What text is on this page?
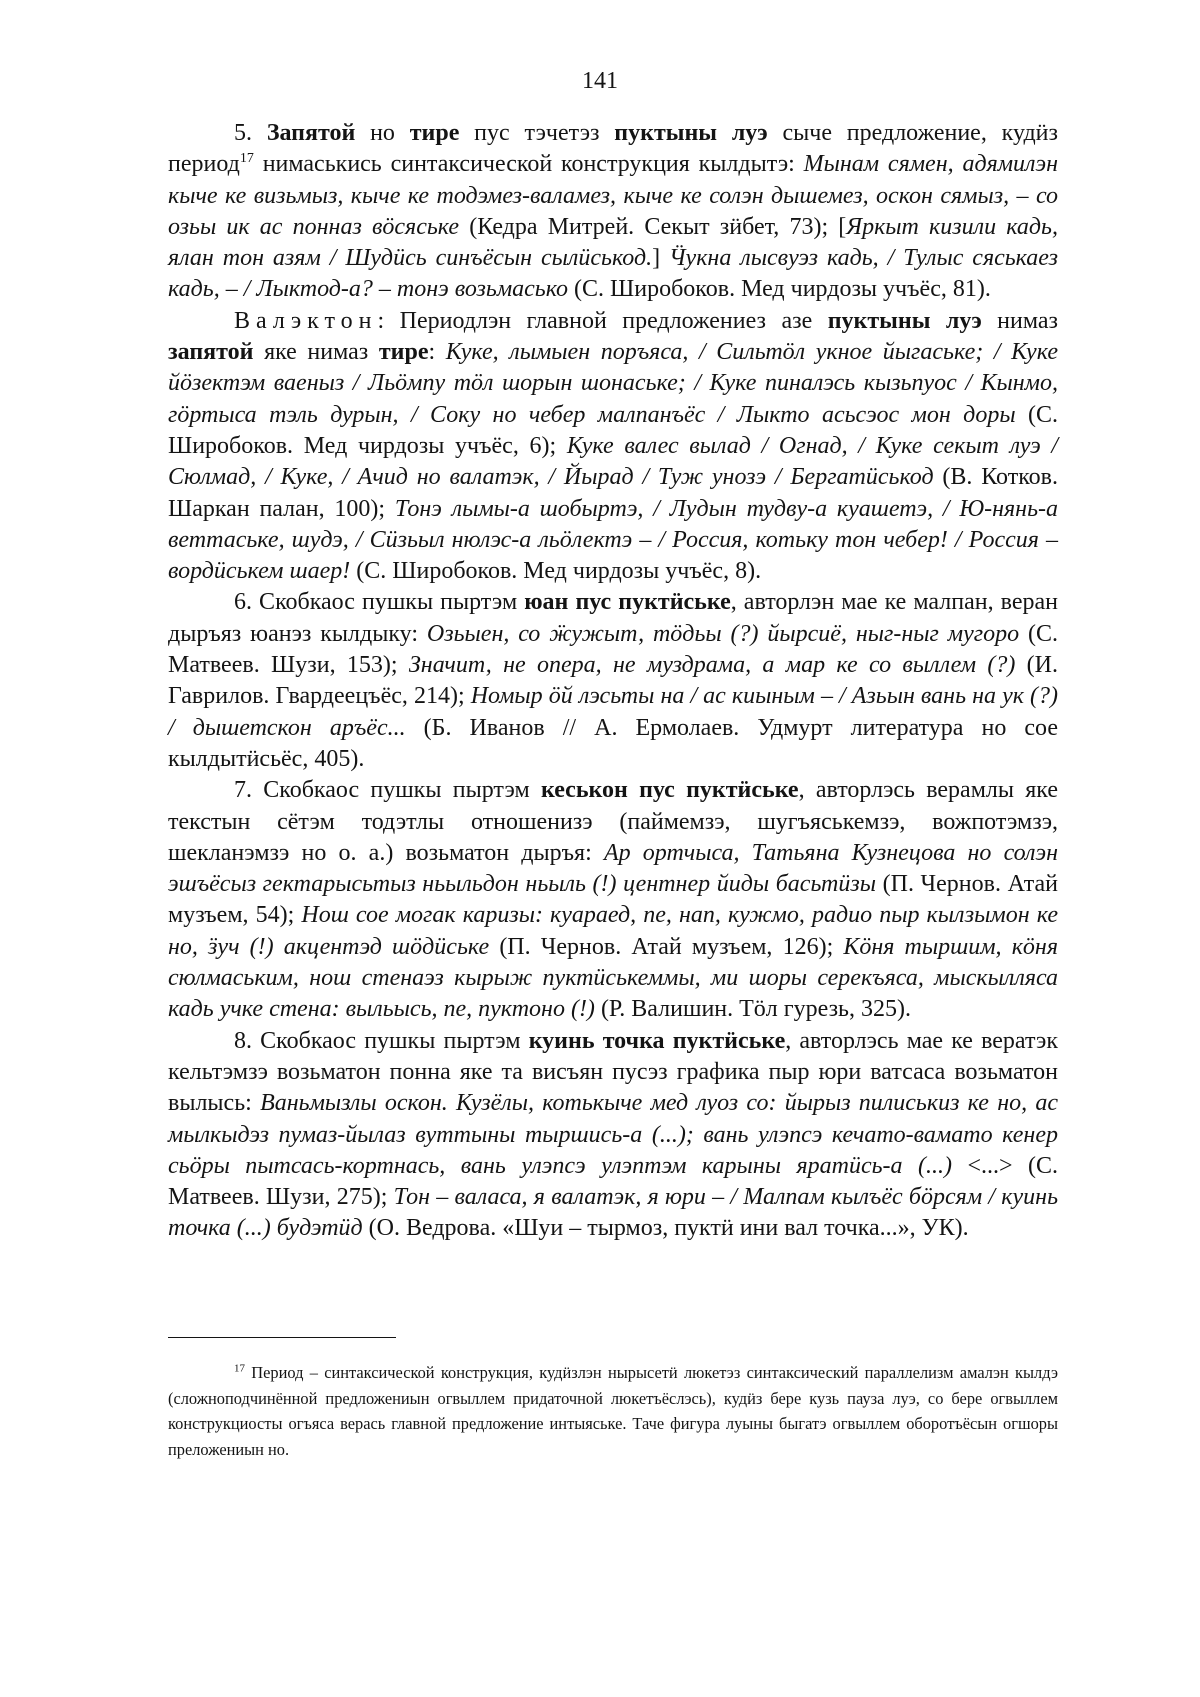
141

5. Запятой но тире пус тэчетэз пуктыны луэ сыче предложение, кудӥз период$^{17}$ нимаськись синтаксической конструкция кылдытэ: Мынам сямен, адямилэн кыче ке визьмыз, кыче ке тодэмез-валамез, кыче ке солэн дышемез, оскон сямыз, – со озьы ик ас понназ вӧсяське (Кедра Митрей. Секыт зӥбет, 73); [Яркыт кизили кадь, ялан тон азям / Шудӥсь синъёсын сылӥськод.] Ӵукна лысвуэз кадь, / Тулыс сяськаез кадь, – / Лыктод-а? – тонэ возьмасько (С. Широбоков. Мед чирдозы учъёс, 81).

Валэктон: Периодлэн главной предложениез азе пуктыны луэ нимаз запятой яке нимаз тире: Куке, лымыен поръяса, / Сильтӧл укное йыгаське; / Куке йӧзектэм ваеныз / Льӧмпу тӧл шорын шонаське; / Куке пиналэсь кызьпуос / Кынмо, гӧртыса тэль дурын, / Соку но чебер малпанъёс / Лыкто асьсэос мон доры (С. Широбоков. Мед чирдозы учъёс, 6); Куке валес вылад / Огнад, / Куке секыт луэ / Сюлмад, / Куке, / Ачид но валатэк, / Йырад / Туж унозэ / Бергатӥськод (В. Котков. Шаркан палан, 100); Тонэ лымы-а шобыртэ, / Лудын тудву-а куашетэ, / Ю-нянь-а веттаське, шудэ, / Сӥзьыл нюлэс-а льӧлектэ – / Россия, котьку тон чебер! / Россия – вордӥськем шаер! (С. Широбоков. Мед чирдозы учъёс, 8).

6. Скобкаос пушкы пыртэм юан пус пуктӥське, авторлэн мае ке малпан, веран дыръяз юанэз кылдыку: Озьыен, со ӝужыт, тӧдьы (?) йырсиё, ныг-ныг мугоро (С. Матвеев. Шузи, 153); Значит, не опера, не муздрама, а мар ке со выллем (?) (И. Гаврилов. Гвардеецъёс, 214); Номыр ӧй лэсьты на / ас киыным – / Азьын вань на ук (?) / дышетскон аръёс... (Б. Иванов // А. Ермолаев. Удмурт литература но сое кылдытӥсьёс, 405).

7. Скобкаос пушкы пыртэм кеськон пус пуктӥське, авторлэсь верамлы яке текстын сётэм тодэтлы отношенизэ (паймемзэ, шугъяськемзэ, вожпотэмзэ, шекланэмзэ но о. а.) возьматон дыръя: Ар ортчыса, Татьяна Кузнецова но солэн эшъёсыз гектарысьтыз ньыльдон ньыль (!) центнер йиды басьтӥзы (П. Чернов. Атай музъем, 54); Нош сое могак каризы: куараед, пе, нап, кужмо, радио пыр кылзымон ке но, ӟуч (!) акцентэд шӧдӥське (П. Чернов. Атай музъем, 126); Кӧня тыршим, кӧня сюлмаським, нош стенаэз кырыж пуктӥськеммы, ми шоры серекъяса, мыскылляса кадь учке стена: выльысь, пе, пуктоно (!) (Р. Валишин. Тӧл гурезь, 325).

8. Скобкаос пушкы пыртэм куинь точка пуктӥське, авторлэсь мае ке вератэк кельтэмзэ возьматон понна яке та висъян пусэз графика пыр юри ватсаса возьматон вылысь: Ваньмызлы оскон. Кузёлы, котькыче мед луоз со: йырыз пилиськиз ке но, ас мылкыдэз пумаз-йылаз вуттыны тыршись-а (...); вань улэпсэ кечато-вамато кенер сьӧры пытсась-кортнась, вань улэпсэ улэптэм карыны яратӥсь-а (...) <...> (С. Матвеев. Шузи, 275); Тон – валаса, я валатэк, я юри – / Малпам кылъёс бӧрсям / куинь точка (...) будэтӥд (О. Ведрова. «Шуи – тырмоз, пуктӥ ини вал точка...», УК).

$^{17}$ Период – синтаксической конструкция, кудӥзлэн нырысетӥ люкетэз синтаксический параллелизм амалэн кылдэ (сложноподчинённой предложениын огвыллем придаточной люкетъёслэсь), кудӥз бере кузь пауза луэ, со бере огвыллем конструкциосты огъяса верась главной предложение интыяське. Таче фигура луыны быгатэ огвыллем оборотъёсын огшоры преложениын но.
